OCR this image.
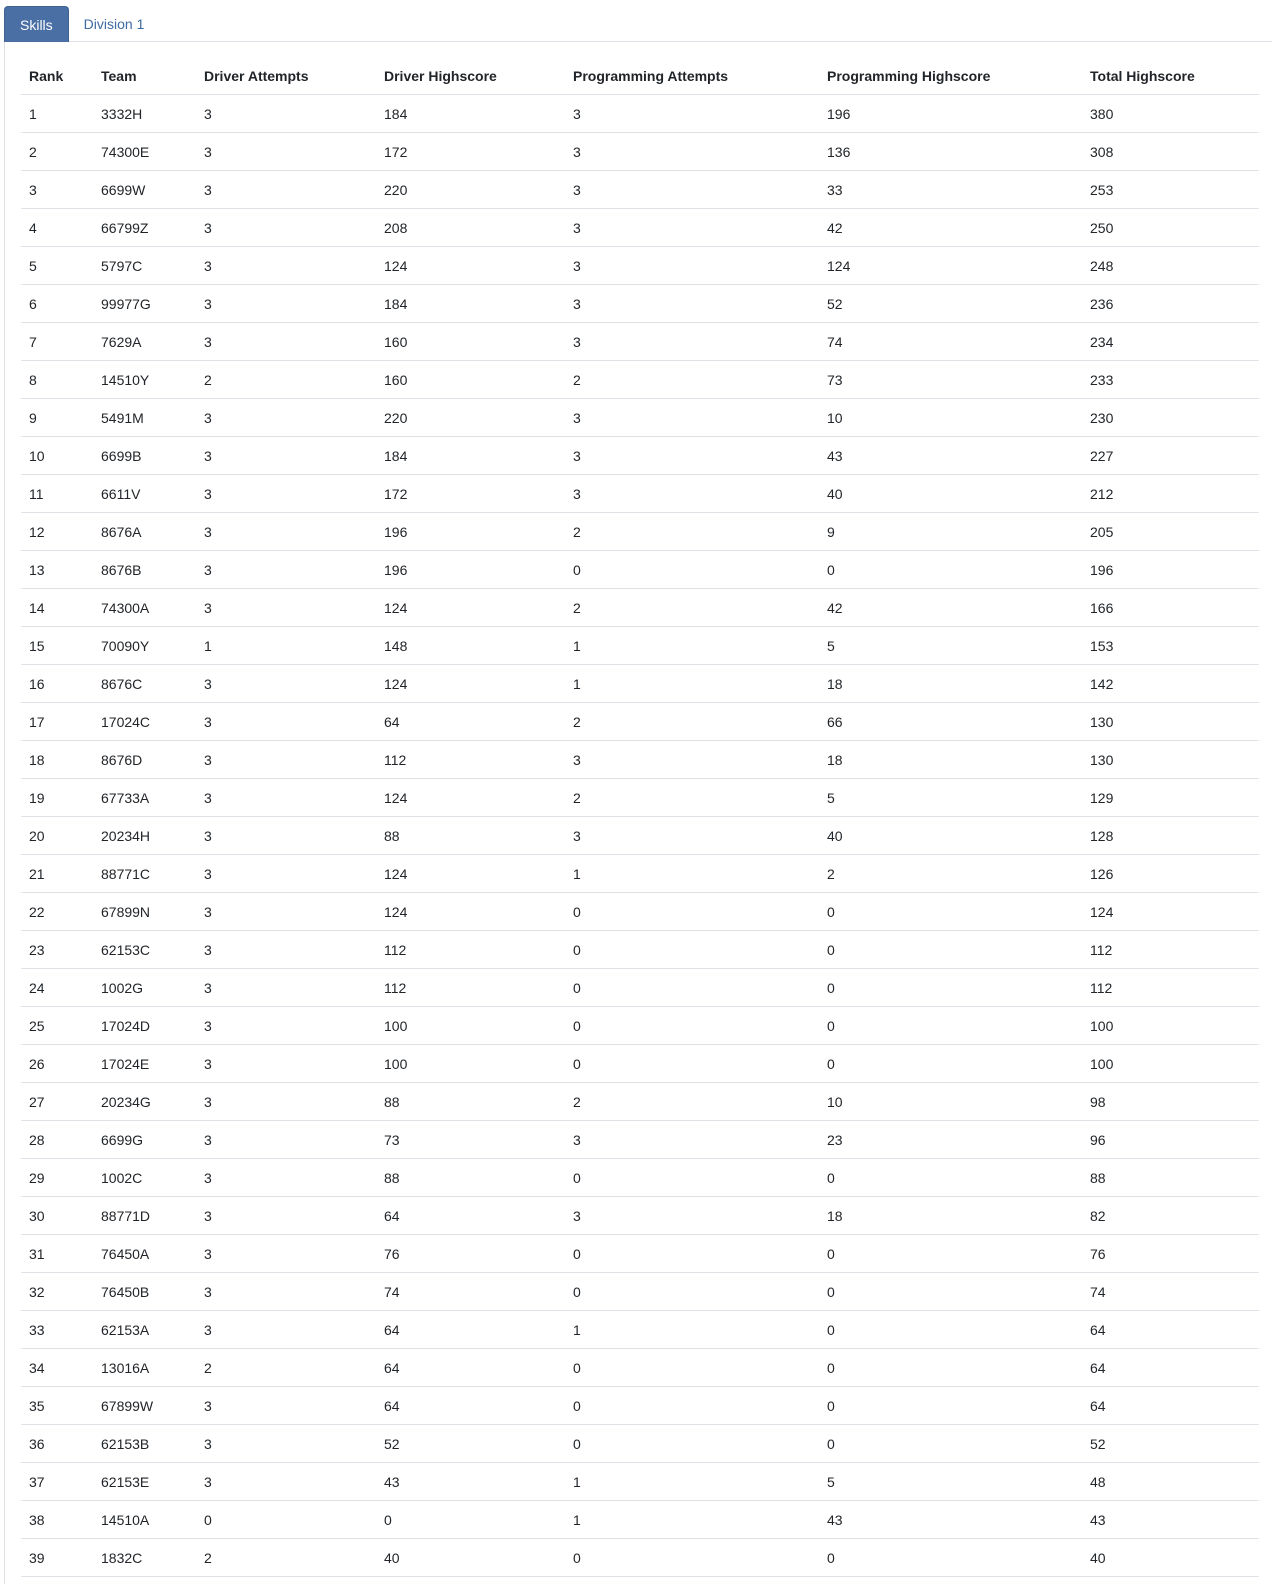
Skills	Division 1
Rank	Team	Driver Attempts	Driver Highscore	Programming Attempts	Programming Highscore	Total Highscore
1	3332H	3	184	3	196	380
2	74300E	3	172	3	136	308
3	6699W	3	220	3	33	253
4	66799Z	3	208	3	42	250
5	5797C	3	124	3	124	248
6	99977G	3	184	3	52	236
7	7629A	3	160	3	74	234
8	14510Y	2	160	2	73	233
9	5491M	3	220	3	10	230
10	6699B	3	184	3	43	227
11	6611V	3	172	3	40	212
12	8676A	3	196	2	9	205
13	8676B	3	196	0	0	196
14	74300A	3	124	2	42	166
15	70090Y	1	148	1	5	153
16	8676C	3	124	1	18	142
17	17024C	3	64	2	66	130
18	8676D	3	112	3	18	130
19	67733A	3	124	2	5	129
20	20234H	3	88	3	40	128
21	88771C	3	124	1	2	126
22	67899N	3	124	0	0	124
23	62153C	3	112	0	0	112
24	1002G	3	112	0	0	112
25	17024D	3	100	0	0	100
26	17024E	3	100	0	0	100
27	20234G	3	88	2	10	98
28	6699G	3	73	3	23	96
29	1002C	3	88	0	0	88
30	88771D	3	64	3	18	82
31	76450A	3	76	0	0	76
32	76450B	3	74	0	0	74
33	62153A	3	64	1	0	64
34	13016A	2	64	0	0	64
35	67899W	3	64	0	0	64
36	62153B	3	52	0	0	52
37	62153E	3	43	1	5	48
38	14510A	0	0	1	43	43
39	1832C	2	40	0	0	40
